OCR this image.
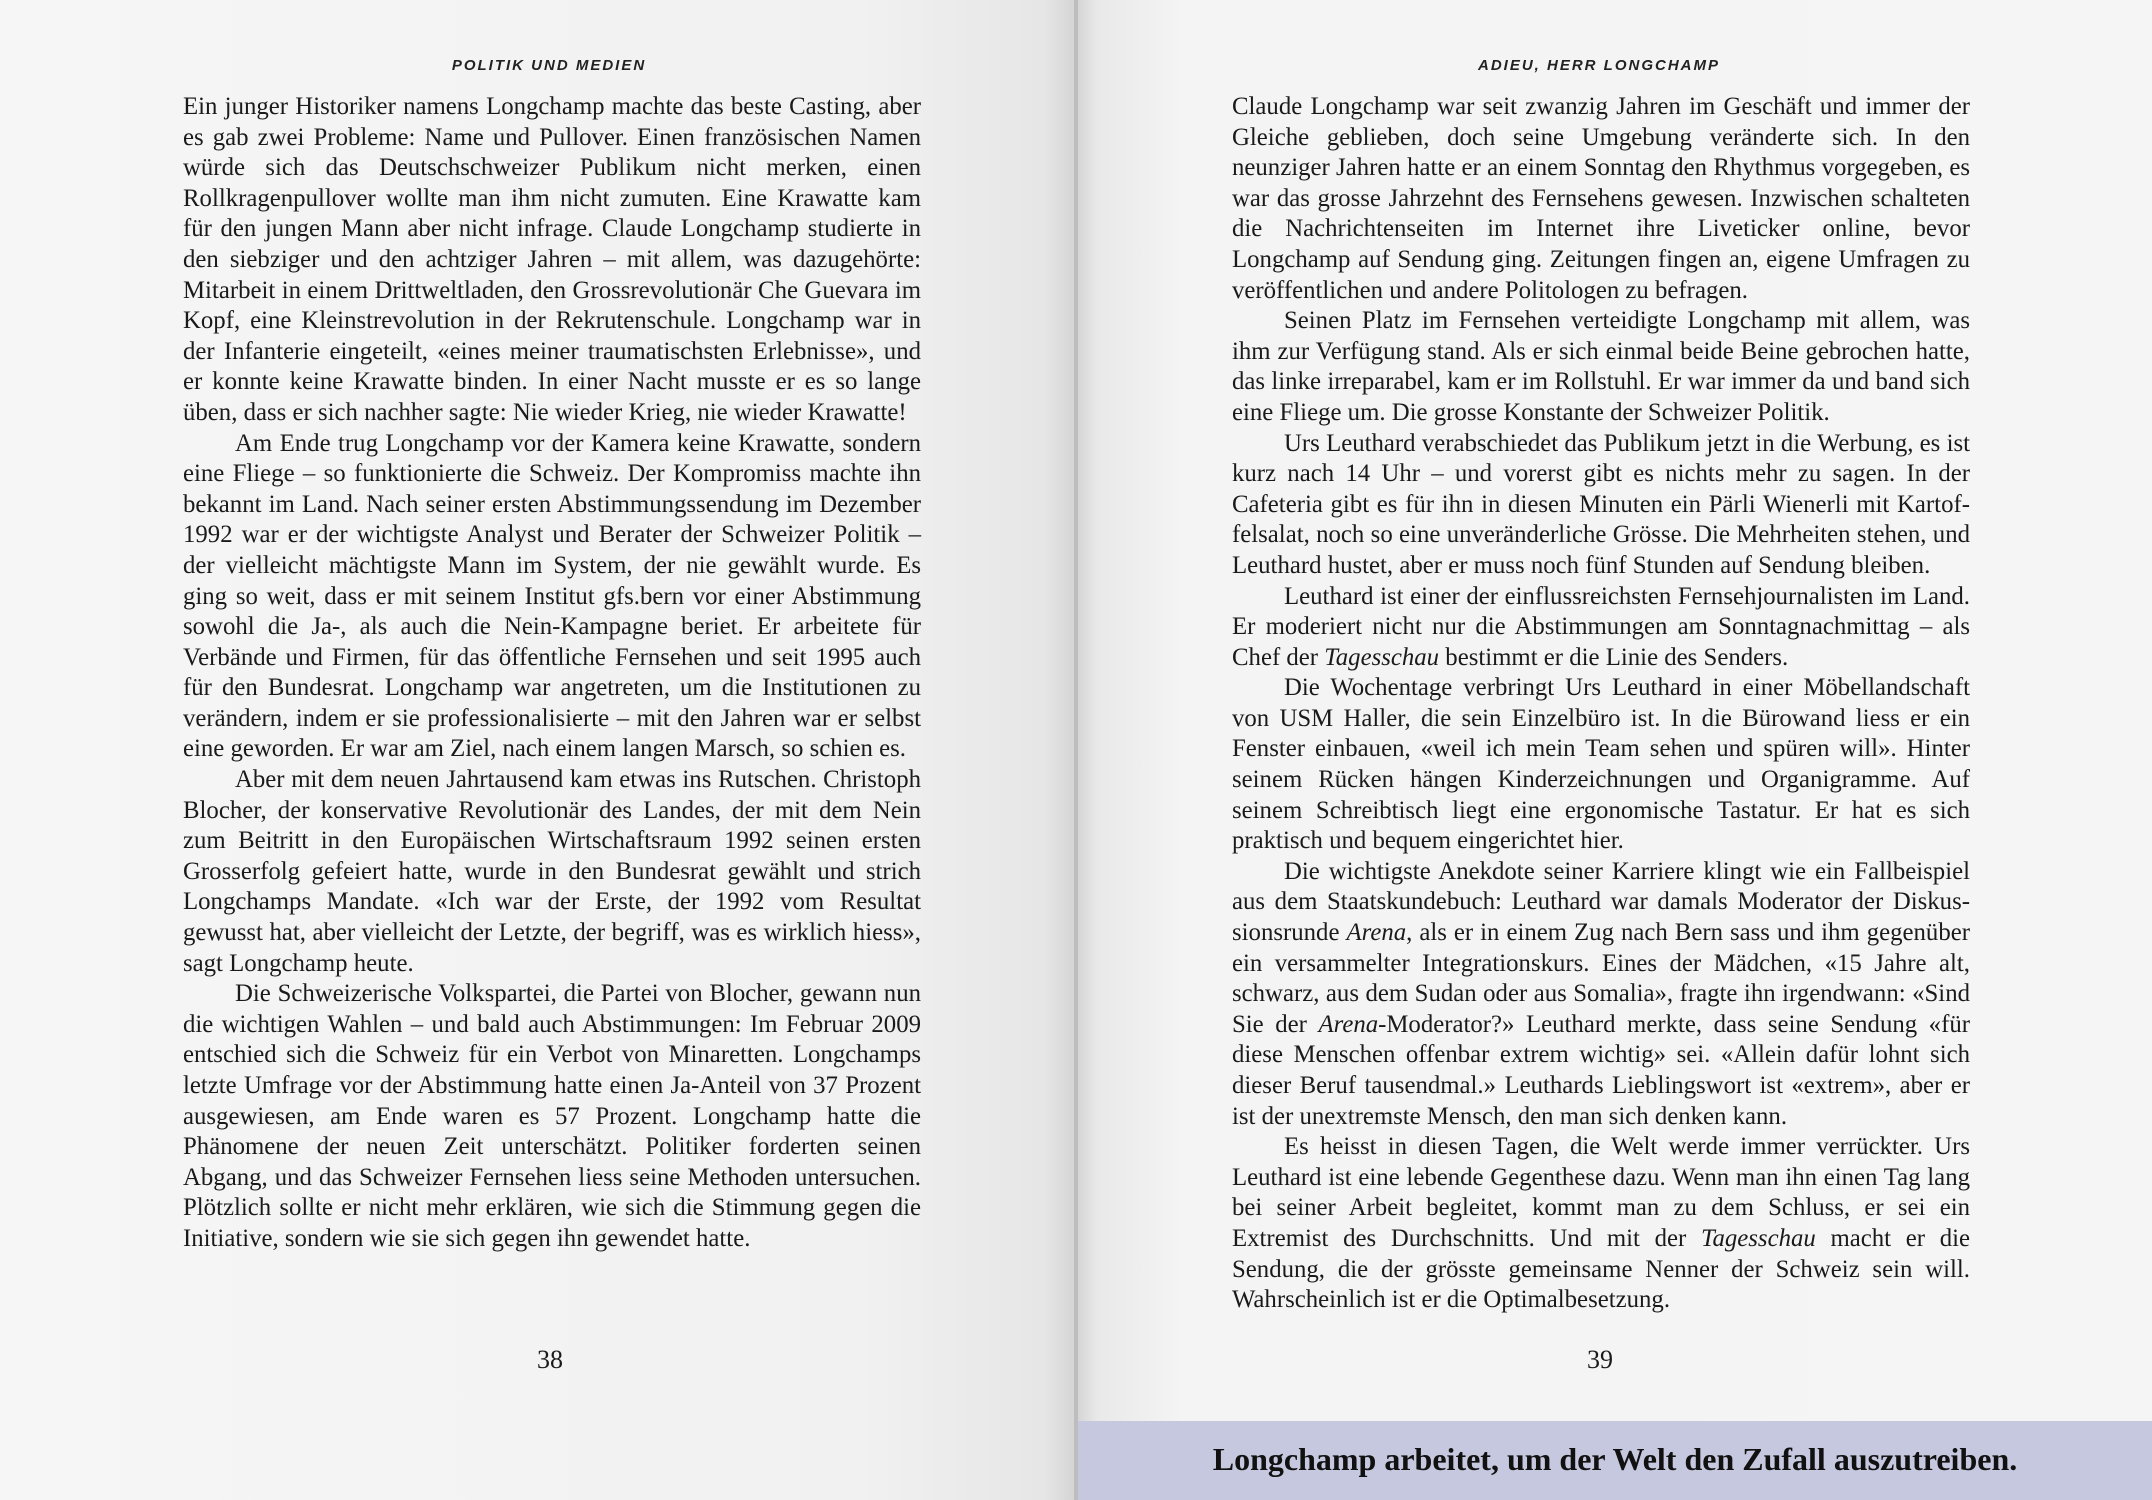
POLITIK UND MEDIEN

Ein junger Historiker namens Longchamp machte das beste Casting, aber es gab zwei Probleme: Name und Pullover. Einen französischen Namen würde sich das Deutschschweizer Publikum nicht merken, einen Rollkragenpullover wollte man ihm nicht zumuten. Eine Krawatte kam für den jungen Mann aber nicht infrage. Claude Longchamp studierte in den siebziger und den achtziger Jahren – mit allem, was dazugehörte: Mitarbeit in einem Drittweltladen, den Grossrevolutionär Che Guevara im Kopf, eine Kleinstrevolution in der Rekrutenschule. Longchamp war in der Infanterie eingeteilt, «eines meiner traumatischsten Erlebnisse», und er konnte keine Krawatte binden. In einer Nacht musste er es so lange üben, dass er sich nachher sagte: Nie wieder Krieg, nie wieder Krawatte!

Am Ende trug Longchamp vor der Kamera keine Krawatte, sondern eine Fliege – so funktionierte die Schweiz. Der Kompromiss machte ihn bekannt im Land. Nach seiner ersten Abstimmungssendung im Dezember 1992 war er der wichtigste Analyst und Berater der Schweizer Politik – der vielleicht mächtigste Mann im System, der nie gewählt wurde. Es ging so weit, dass er mit seinem Institut gfs.bern vor einer Abstimmung sowohl die Ja-, als auch die Nein-Kampagne beriet. Er arbeitete für Verbände und Firmen, für das öffentliche Fernsehen und seit 1995 auch für den Bundesrat. Longchamp war angetreten, um die Institutionen zu verändern, indem er sie professionalisierte – mit den Jahren war er selbst eine geworden. Er war am Ziel, nach einem langen Marsch, so schien es.

Aber mit dem neuen Jahrtausend kam etwas ins Rutschen. Christoph Blocher, der konservative Revolutionär des Landes, der mit dem Nein zum Beitritt in den Europäischen Wirtschaftsraum 1992 seinen ersten Grosserfolg gefeiert hatte, wurde in den Bundesrat gewählt und strich Longchamps Mandate. «Ich war der Erste, der 1992 vom Resultat gewusst hat, aber vielleicht der Letzte, der begriff, was es wirklich hiess», sagt Longchamp heute.

Die Schweizerische Volkspartei, die Partei von Blocher, gewann nun die wichtigen Wahlen – und bald auch Abstimmungen: Im Februar 2009 entschied sich die Schweiz für ein Verbot von Minaretten. Longchamps letzte Umfrage vor der Abstimmung hatte einen Ja-Anteil von 37 Prozent ausgewiesen, am Ende waren es 57 Prozent. Longchamp hatte die Phänomene der neuen Zeit unterschätzt. Politiker forderten seinen Abgang, und das Schweizer Fernsehen liess seine Methoden untersuchen. Plötzlich sollte er nicht mehr erklären, wie sich die Stimmung gegen die Initiative, sondern wie sie sich gegen ihn gewendet hatte.

38
ADIEU, HERR LONGCHAMP

Claude Longchamp war seit zwanzig Jahren im Geschäft und immer der Gleiche geblieben, doch seine Umgebung veränderte sich. In den neunziger Jahren hatte er an einem Sonntag den Rhythmus vorgegeben, es war das grosse Jahrzehnt des Fernsehens gewesen. Inzwischen schalteten die Nachrichtenseiten im Internet ihre Liveticker online, bevor Longchamp auf Sendung ging. Zeitungen fingen an, eigene Umfragen zu veröffentlichen und andere Politologen zu befragen.

Seinen Platz im Fernsehen verteidigte Longchamp mit allem, was ihm zur Verfügung stand. Als er sich einmal beide Beine gebrochen hatte, das linke irreparabel, kam er im Rollstuhl. Er war immer da und band sich eine Fliege um. Die grosse Konstante der Schweizer Politik.

Urs Leuthard verabschiedet das Publikum jetzt in die Werbung, es ist kurz nach 14 Uhr – und vorerst gibt es nichts mehr zu sagen. In der Cafeteria gibt es für ihn in diesen Minuten ein Pärli Wienerli mit Kartoffelsalat, noch so eine unveränderliche Grösse. Die Mehrheiten stehen, und Leuthard hustet, aber er muss noch fünf Stunden auf Sendung bleiben.

Leuthard ist einer der einflussreichsten Fernsehjournalisten im Land. Er moderiert nicht nur die Abstimmungen am Sonntagnachmittag – als Chef der Tagesschau bestimmt er die Linie des Senders.

Die Wochentage verbringt Urs Leuthard in einer Möbellandschaft von USM Haller, die sein Einzelbüro ist. In die Bürowand liess er ein Fenster einbauen, «weil ich mein Team sehen und spüren will». Hinter seinem Rücken hängen Kinderzeichnungen und Organigramme. Auf seinem Schreibtisch liegt eine ergonomische Tastatur. Er hat es sich praktisch und bequem eingerichtet hier.

Die wichtigste Anekdote seiner Karriere klingt wie ein Fallbeispiel aus dem Staatskundebuch: Leuthard war damals Moderator der Diskussionsrunde Arena, als er in einem Zug nach Bern sass und ihm gegenüber ein versammelter Integrationskurs. Eines der Mädchen, «15 Jahre alt, schwarz, aus dem Sudan oder aus Somalia», fragte ihn irgendwann: «Sind Sie der Arena-Moderator?» Leuthard merkte, dass seine Sendung «für diese Menschen offenbar extrem wichtig» sei. «Allein dafür lohnt sich dieser Beruf tausendmal.» Leuthards Lieblingswort ist «extrem», aber er ist der unextremste Mensch, den man sich denken kann.

Es heisst in diesen Tagen, die Welt werde immer verrückter. Urs Leuthard ist eine lebende Gegenthese dazu. Wenn man ihn einen Tag lang bei seiner Arbeit begleitet, kommt man zu dem Schluss, er sei ein Extremist des Durchschnitts. Und mit der Tagesschau macht er die Sendung, die der grösste gemeinsame Nenner der Schweiz sein will. Wahrscheinlich ist er die Optimalbesetzung.

39
Longchamp arbeitet, um der Welt den Zufall auszutreiben.
